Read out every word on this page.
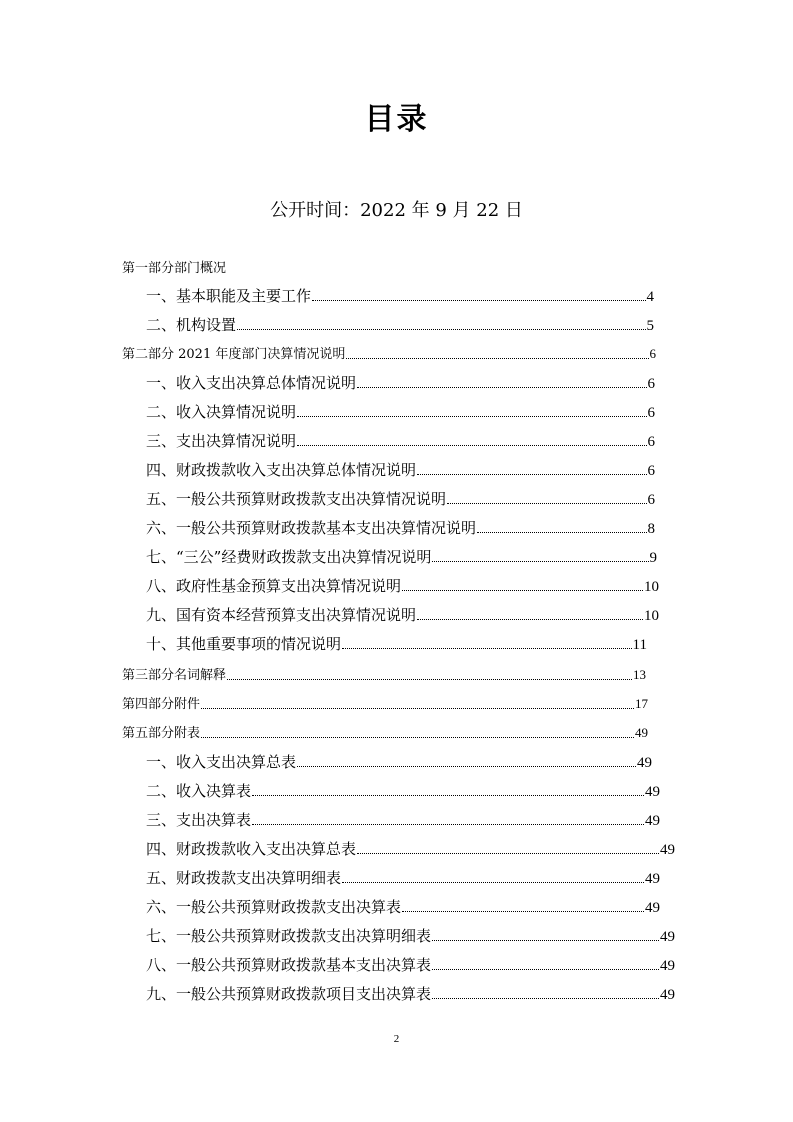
目录
公开时间：2022 年 9 月 22 日
第一部分部门概况
一、基本职能及主要工作	4
二、机构设置	5
第二部分 2021 年度部门决算情况说明	6
一、收入支出决算总体情况说明	6
二、收入决算情况说明	6
三、支出决算情况说明	6
四、财政拨款收入支出决算总体情况说明	6
五、一般公共预算财政拨款支出决算情况说明	6
六、一般公共预算财政拨款基本支出决算情况说明	8
七、“三公”经费财政拨款支出决算情况说明	9
八、政府性基金预算支出决算情况说明	10
九、国有资本经营预算支出决算情况说明	10
十、其他重要事项的情况说明	11
第三部分名词解释	13
第四部分附件	17
第五部分附表	49
一、收入支出决算总表	49
二、收入决算表	49
三、支出决算表	49
四、财政拨款收入支出决算总表	49
五、财政拨款支出决算明细表	49
六、一般公共预算财政拨款支出决算表	49
七、一般公共预算财政拨款支出决算明细表	49
八、一般公共预算财政拨款基本支出决算表	49
九、一般公共预算财政拨款项目支出决算表	49
2
